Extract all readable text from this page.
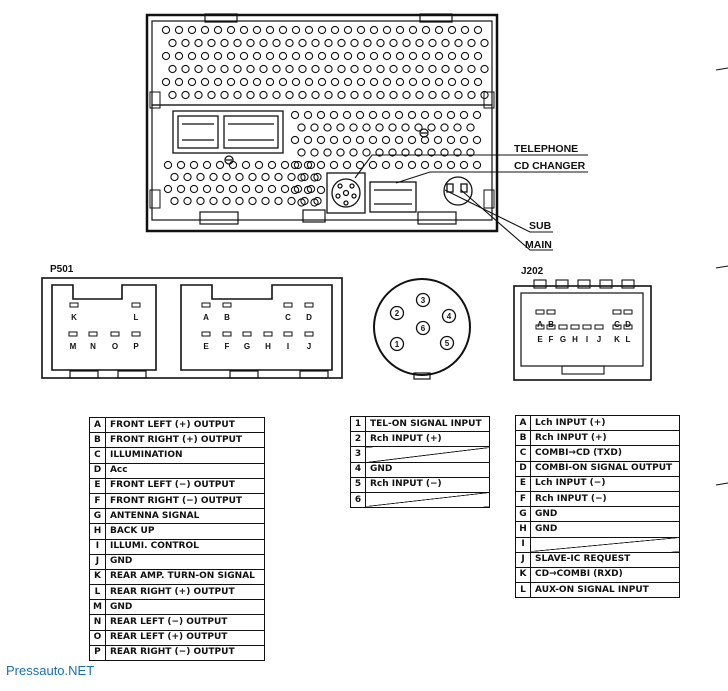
TELEPHONE
CD CHANGER
SUB
MAIN
P501
K	L
M N O P
A B	C D
E F G H I J	1
2
3
4
5
6
J202
A B	C D
E F G H I J K L
A	FRONT LEFT (+) OUTPUT
B	FRONT RIGHT (+) OUTPUT
C	ILLUMINATION
D	Acc
E	FRONT LEFT (−) OUTPUT
F	FRONT RIGHT (−) OUTPUT
G	ANTENNA SIGNAL
H	BACK UP
I	ILLUMI. CONTROL
J	GND
K	REAR AMP. TURN-ON SIGNAL
L	REAR RIGHT (+) OUTPUT
M	GND
N	REAR LEFT (−) OUTPUT
O	REAR LEFT (+) OUTPUT
P	REAR RIGHT (−) OUTPUT
1	TEL-ON SIGNAL INPUT
2	Rch INPUT (+)
3	
4	GND
5	Rch INPUT (−)
6	
A	Lch INPUT (+)
B	Rch INPUT (+)
C	COMBI→CD (TXD)
D	COMBI-ON SIGNAL OUTPUT
E	Lch INPUT (−)
F	Rch INPUT (−)
G	GND
H	GND
I	
J	SLAVE-IC REQUEST
K	CD→COMBI (RXD)
L	AUX-ON SIGNAL INPUT
Pressauto.NET
